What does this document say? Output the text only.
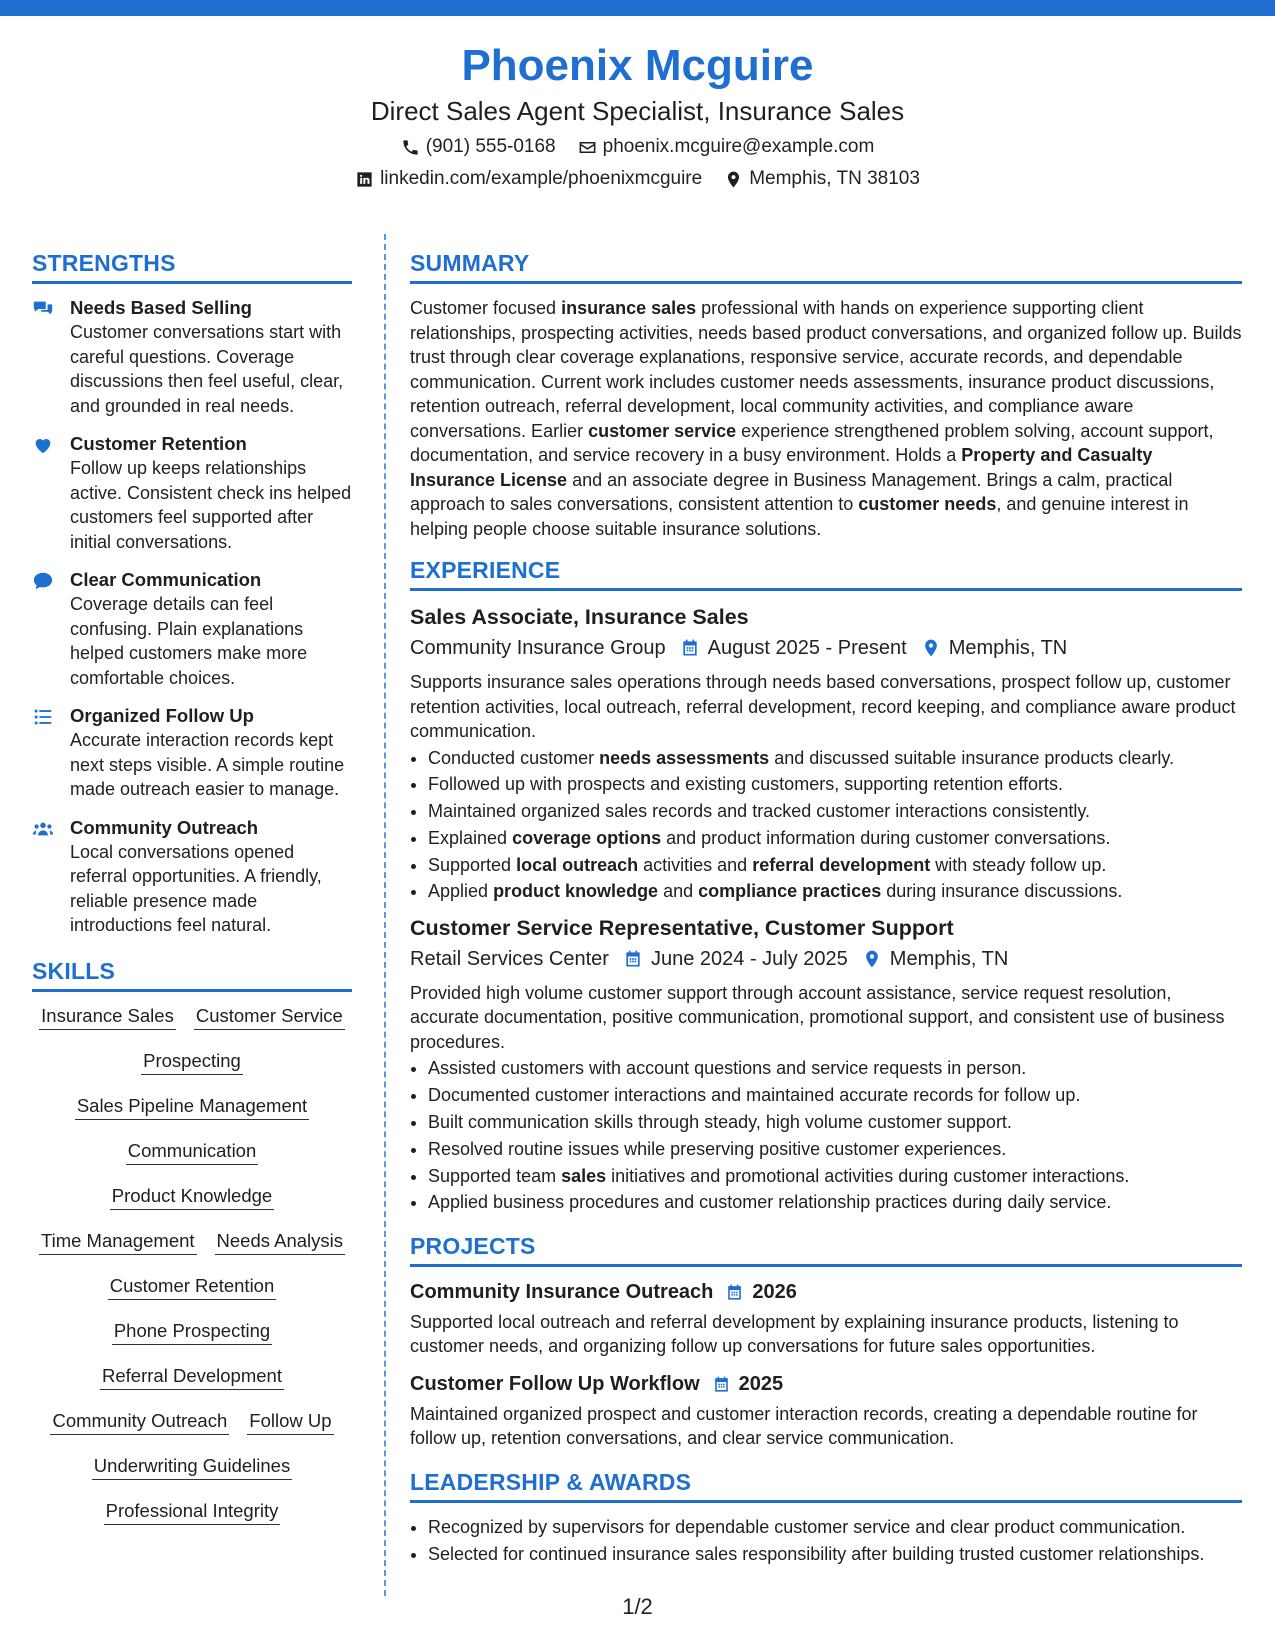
Phoenix Mcguire
Direct Sales Agent Specialist, Insurance Sales
(901) 555-0168 phoenix.mcguire@example.com
linkedin.com/example/phoenixmcguire Memphis, TN 38103
STRENGTHS
Needs Based Selling
Customer conversations start with careful questions. Coverage discussions then feel useful, clear, and grounded in real needs.
Customer Retention
Follow up keeps relationships active. Consistent check ins helped customers feel supported after initial conversations.
Clear Communication
Coverage details can feel confusing. Plain explanations helped customers make more comfortable choices.
Organized Follow Up
Accurate interaction records kept next steps visible. A simple routine made outreach easier to manage.
Community Outreach
Local conversations opened referral opportunities. A friendly, reliable presence made introductions feel natural.
SKILLS
Insurance Sales Customer Service
Prospecting
Sales Pipeline Management
Communication
Product Knowledge
Time Management Needs Analysis
Customer Retention
Phone Prospecting
Referral Development
Community Outreach Follow Up
Underwriting Guidelines
Professional Integrity
SUMMARY

Customer focused insurance sales professional with hands on experience supporting client relationships, prospecting activities, needs based product conversations, and organized follow up. Builds trust through clear coverage explanations, responsive service, accurate records, and dependable communication. Current work includes customer needs assessments, insurance product discussions, retention outreach, referral development, local community activities, and compliance aware conversations. Earlier customer service experience strengthened problem solving, account support, documentation, and service recovery in a busy environment. Holds a Property and Casualty Insurance License and an associate degree in Business Management. Brings a calm, practical approach to sales conversations, consistent attention to customer needs, and genuine interest in helping people choose suitable insurance solutions.

EXPERIENCE
Sales Associate, Insurance Sales
Community Insurance Group August 2025 - Present Memphis, TN
Supports insurance sales operations through needs based conversations, prospect follow up, customer retention activities, local outreach, referral development, record keeping, and compliance aware product communication.
• Conducted customer needs assessments and discussed suitable insurance products clearly.
• Followed up with prospects and existing customers, supporting retention efforts.
• Maintained organized sales records and tracked customer interactions consistently.
• Explained coverage options and product information during customer conversations.
• Supported local outreach activities and referral development with steady follow up.
• Applied product knowledge and compliance practices during insurance discussions.
Customer Service Representative, Customer Support
Retail Services Center June 2024 - July 2025 Memphis, TN
Provided high volume customer support through account assistance, service request resolution, accurate documentation, positive communication, promotional support, and consistent use of business procedures.
• Assisted customers with account questions and service requests in person.
• Documented customer interactions and maintained accurate records for follow up.
• Built communication skills through steady, high volume customer support.
• Resolved routine issues while preserving positive customer experiences.
• Supported team sales initiatives and promotional activities during customer interactions.
• Applied business procedures and customer relationship practices during daily service.
PROJECTS
Community Insurance Outreach 2026
Supported local outreach and referral development by explaining insurance products, listening to customer needs, and organizing follow up conversations for future sales opportunities.
Customer Follow Up Workflow 2025
Maintained organized prospect and customer interaction records, creating a dependable routine for follow up, retention conversations, and clear service communication.
LEADERSHIP & AWARDS
• Recognized by supervisors for dependable customer service and clear product communication.
• Selected for continued insurance sales responsibility after building trusted customer relationships.
1/2
